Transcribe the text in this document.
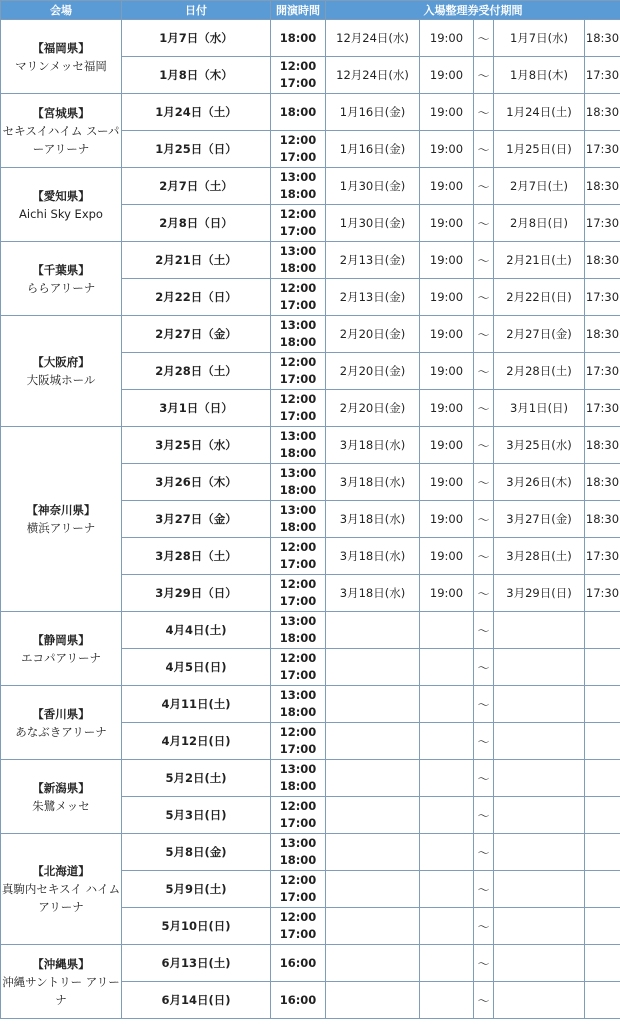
会場	日付	開演時間	入場整理券受付期間				

【福岡県】
マリンメッセ福岡	1月7日（水）	18:00	12月24日(水)	19:00	～	1月7日(水)	18:30
	1月8日（木）	12:00
17:00	12月24日(水)	19:00	～	1月8日(木)	17:30

【宮城県】
セキスイハイム スーパーアリーナ	1月24日（土）	18:00	1月16日(金)	19:00	～	1月24日(土)	18:30
	1月25日（日）	12:00
17:00	1月16日(金)	19:00	～	1月25日(日)	17:30

【愛知県】
Aichi Sky Expo	2月7日（土）	13:00
18:00	1月30日(金)	19:00	～	2月7日(土)	18:30
	2月8日（日）	12:00
17:00	1月30日(金)	19:00	～	2月8日(日)	17:30

【千葉県】
ららアリーナ	2月21日（土）	13:00
18:00	2月13日(金)	19:00	～	2月21日(土)	18:30
	2月22日（日）	12:00
17:00	2月13日(金)	19:00	～	2月22日(日)	17:30

【大阪府】
大阪城ホール	2月27日（金）	13:00
18:00	2月20日(金)	19:00	～	2月27日(金)	18:30
	2月28日（土）	12:00
17:00	2月20日(金)	19:00	～	2月28日(土)	17:30
	3月1日（日）	12:00
17:00	2月20日(金)	19:00	～	3月1日(日)	17:30

【神奈川県】
横浜アリーナ	3月25日（水）	13:00
18:00	3月18日(水)	19:00	～	3月25日(水)	18:30
	3月26日（木）	13:00
18:00	3月18日(水)	19:00	～	3月26日(木)	18:30
	3月27日（金）	13:00
18:00	3月18日(水)	19:00	～	3月27日(金)	18:30
	3月28日（土）	12:00
17:00	3月18日(水)	19:00	～	3月28日(土)	17:30
	3月29日（日）	12:00
17:00	3月18日(水)	19:00	～	3月29日(日)	17:30

【静岡県】
エコパアリーナ	4月4日(土)	13:00
18:00			～		
	4月5日(日)	12:00
17:00			～		

【香川県】
あなぶきアリーナ	4月11日(土)	13:00
18:00			～		
	4月12日(日)	12:00
17:00			～		

【新潟県】
朱鷺メッセ	5月2日(土)	13:00
18:00			～		
	5月3日(日)	12:00
17:00			～		

【北海道】
真駒内セキスイ ハイムアリーナ	5月8日(金)	13:00
18:00			～		
	5月9日(土)	12:00
17:00			～		
	5月10日(日)	12:00
17:00			～		

【沖縄県】
沖縄サントリー アリーナ	6月13日(土)	16:00			～		
	6月14日(日)	16:00			～		
